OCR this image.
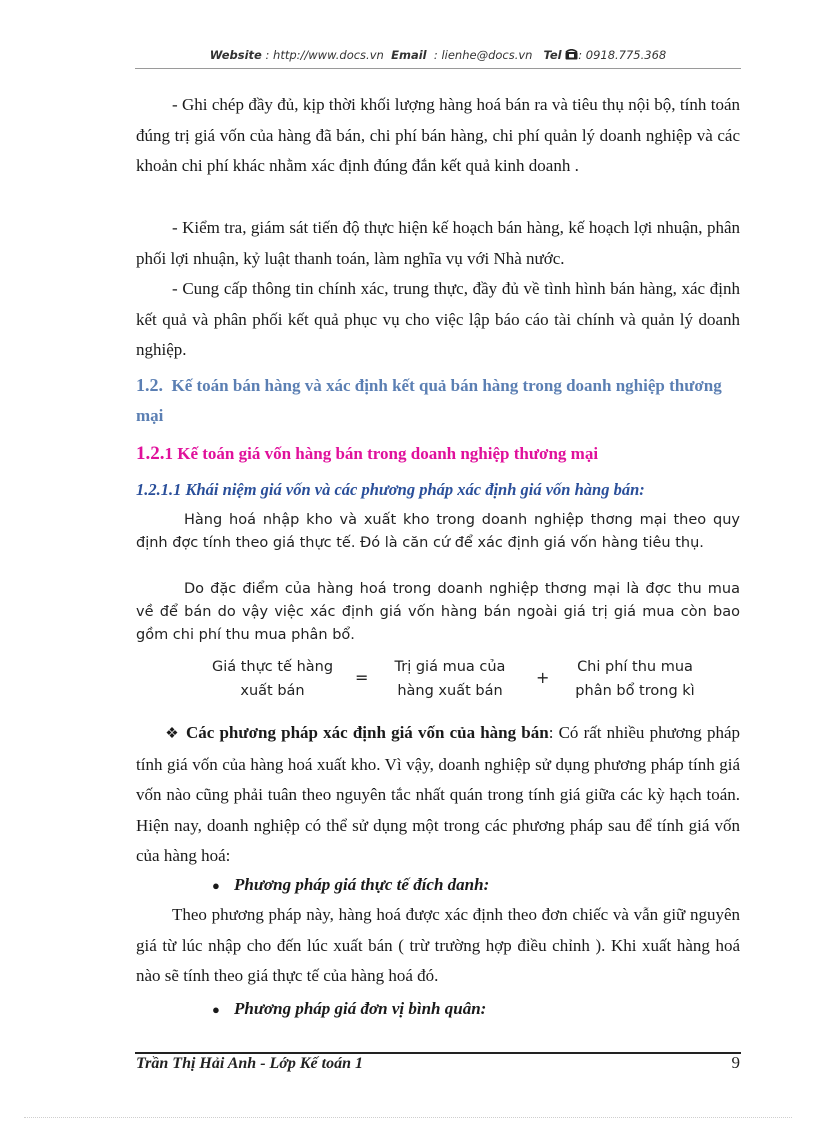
Website : http://www.docs.vn Email  : lienhe@docs.vn Tel : 0918.775.368

- Ghi chép đầy đủ, kịp thời khối lượng hàng hoá bán ra và tiêu thụ nội bộ, tính toán đúng trị giá vốn của hàng đã bán, chi phí bán hàng, chi phí quản lý doanh nghiệp và các khoản chi phí khác nhằm xác định đúng đắn kết quả kinh doanh .

- Kiểm tra, giám sát tiến độ thực hiện kế hoạch bán hàng, kế hoạch lợi nhuận, phân phối lợi nhuận, kỷ luật thanh toán, làm nghĩa vụ với Nhà nước.

- Cung cấp thông tin chính xác, trung thực, đầy đủ về tình hình bán hàng, xác định kết quả và phân phối kết quả phục vụ cho việc lập báo cáo tài chính và quản lý doanh nghiệp.

1.2. Kế toán bán hàng và xác định kết quả bán hàng trong doanh nghiệp thương mại

1.2.1 Kế toán giá vốn hàng bán trong doanh nghiệp thương mại

1.2.1.1 Khái niệm giá vốn và các phương pháp xác định giá vốn hàng bán:

Hàng hoá nhập kho và xuất kho trong doanh nghiệp thơng mại theo quy định đợc tính theo giá thực tế. Đó là căn cứ để xác định giá vốn hàng tiêu thụ.

Do đặc điểm của hàng hoá trong doanh nghiệp thơng mại là đợc thu mua về để bán do vậy việc xác định giá vốn hàng bán ngoài giá trị giá mua còn bao gồm chi phí thu mua phân bổ.

Giá thực tế hàng
xuất bán
=
Trị giá mua của
hàng xuất bán
+
Chi phí thu mua
phân bổ trong kì

❖ Các phương pháp xác định giá vốn của hàng bán: Có rất nhiều phương pháp tính giá vốn của hàng hoá xuất kho. Vì vậy, doanh nghiệp sử dụng phương pháp tính giá vốn nào cũng phải tuân theo nguyên tắc nhất quán trong tính giá giữa các kỳ hạch toán. Hiện nay, doanh nghiệp có thể sử dụng một trong các phương pháp sau để tính giá vốn của hàng hoá:

● Phương pháp giá thực tế đích danh:

Theo phương pháp này, hàng hoá được xác định theo đơn chiếc và vẫn giữ nguyên giá từ lúc nhập cho đến lúc xuất bán ( trừ trường hợp điều chỉnh ). Khi xuất hàng hoá nào sẽ tính theo giá thực tế của hàng hoá đó.

● Phương pháp giá đơn vị bình quân:
Trần Thị Hải Anh - Lớp Kế toán 1	9
